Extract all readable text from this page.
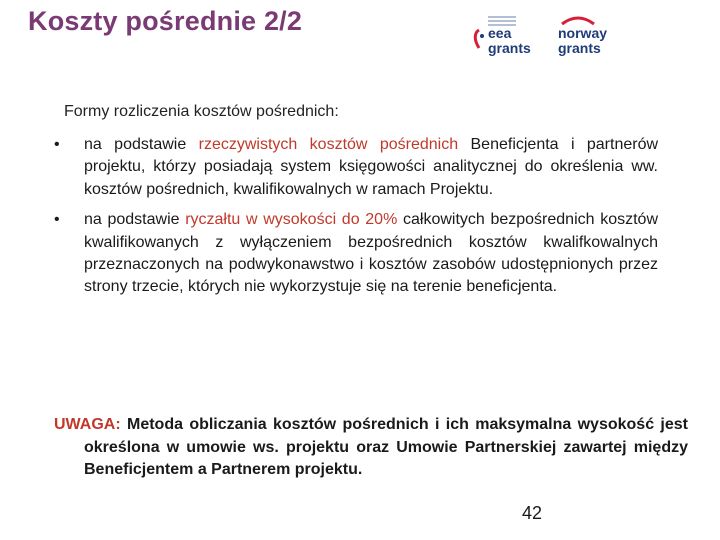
Koszty pośrednie 2/2	eea
grants
norway
grants
Formy rozliczenia kosztów pośrednich:
• na podstawie rzeczywistych kosztów pośrednich Beneficjenta i partnerów projektu, którzy posiadają system księgowości analitycznej do określenia ww. kosztów pośrednich, kwalifikowalnych w ramach Projektu.
• na podstawie ryczałtu w wysokości do 20% całkowitych bezpośrednich kosztów kwalifikowanych z wyłączeniem bezpośrednich kosztów kwalifkowalnych przeznaczonych na podwykonawstwo i kosztów zasobów udostępnionych przez strony trzecie, których nie wykorzystuje się na terenie beneficjenta.
UWAGA: Metoda obliczania kosztów pośrednich i ich maksymalna wysokość jest określona w umowie ws. projektu oraz Umowie Partnerskiej zawartej między Beneficjentem a Partnerem projektu.
42
